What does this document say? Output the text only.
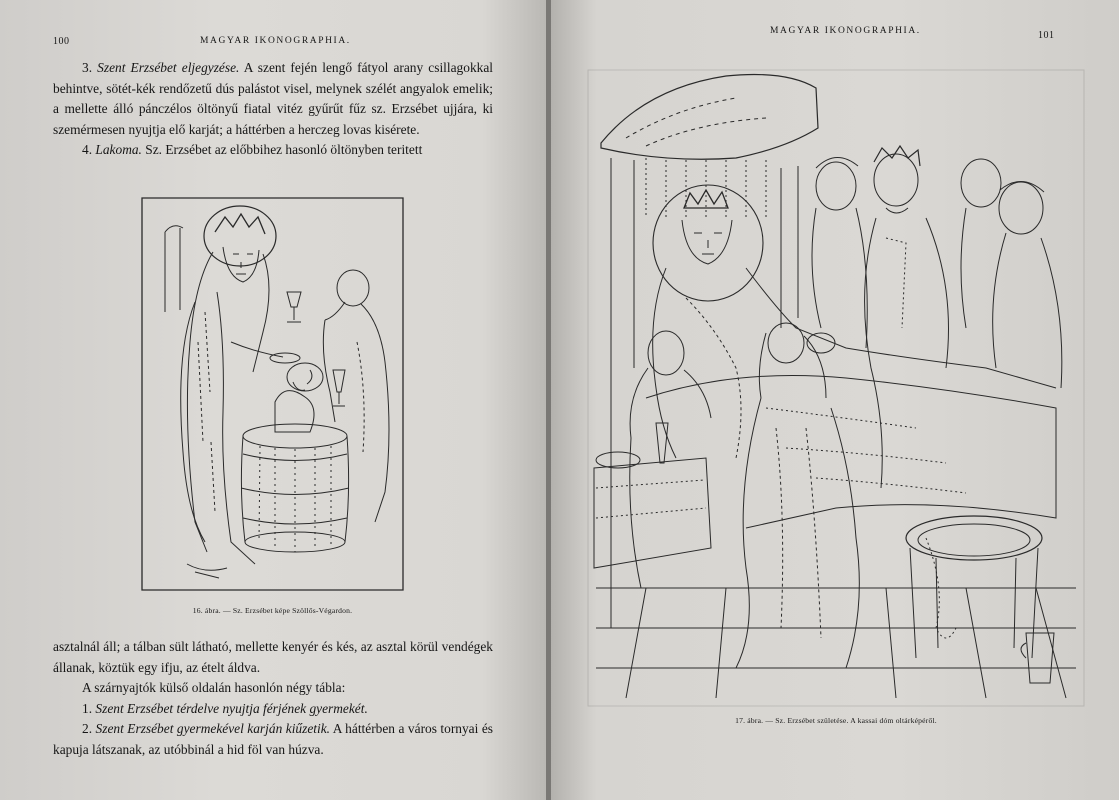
100	MAGYAR IKONOGRAPHIA.

3. Szent Erzsébet eljegyzése. A szent fején lengő fátyol arany csillagokkal behintve, sötét-kék rendőzetű dús palástot visel, melynek szélét angyalok emelik; a mellette álló pánczélos öltönyű fiatal vitéz gyűrűt fűz sz. Erzsébet ujjára, ki szemérmesen nyujtja elő karját; a háttérben a herczeg lovas kisérete.

4. Lakoma. Sz. Erzsébet az előbbihez hasonló öltönyben teritett

16. ábra. — Sz. Erzsébet képe Szöllős-Végardon.

asztalnál áll; a tálban sült látható, mellette kenyér és kés, az asztal körül vendégek állanak, köztük egy ifju, az ételt áldva.

A szárnyajtók külső oldalán hasonlón négy tábla:

1. Szent Erzsébet térdelve nyujtja férjének gyermekét.

2. Szent Erzsébet gyermekével karján kiűzetik. A háttérben a város tornyai és kapuja látszanak, az utóbbinál a hid föl van húzva.

MAGYAR IKONOGRAPHIA.	101
17. ábra. — Sz. Erzsébet születése. A kassai dóm oltárképéről.
